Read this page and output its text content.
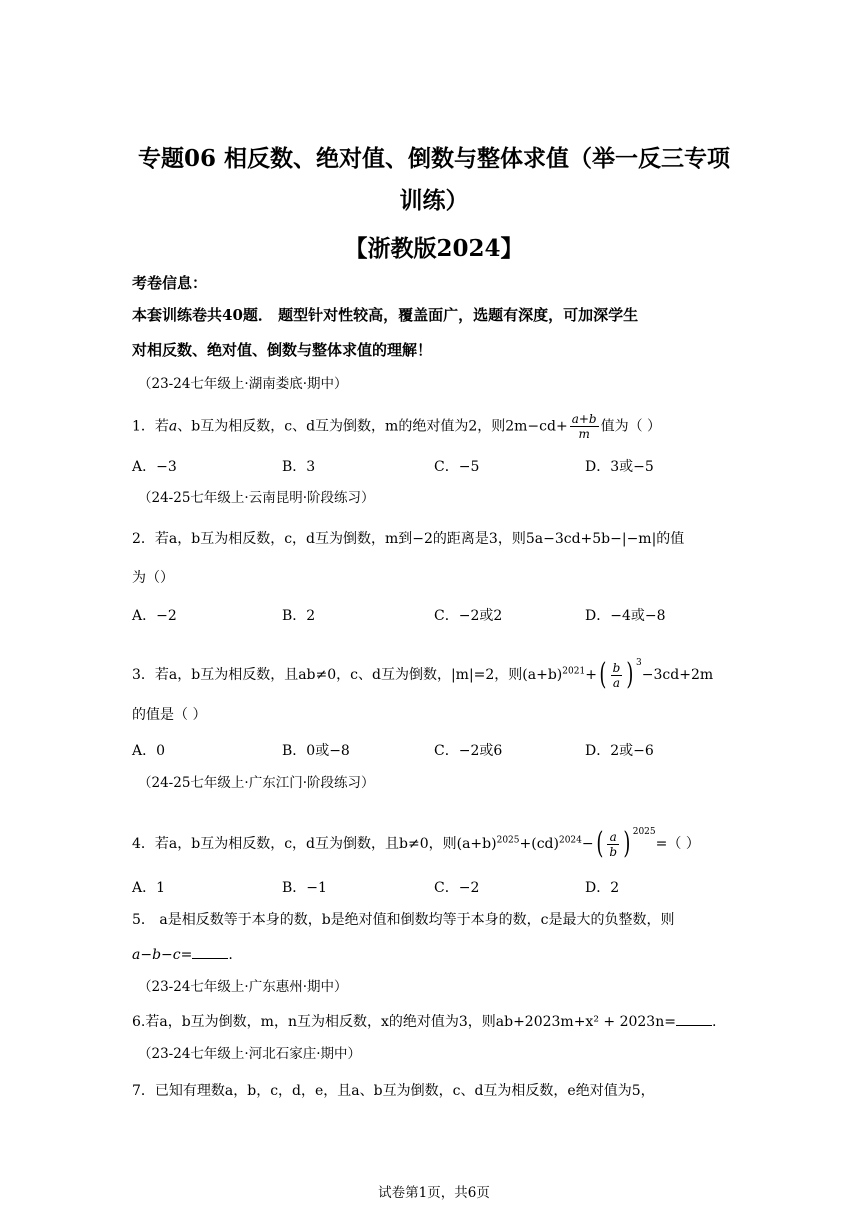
专题06 相反数、绝对值、倒数与整体求值（举一反三专项
训练）
【浙教版2024】
考卷信息：
本套训练卷共40题． 题型针对性较高，覆盖面广，选题有深度，可加深学生
对相反数、绝对值、倒数与整体求值的理解！
（23-24七年级上·湖南娄底·期中）
1．若a、b互为相反数，c、d互为倒数，m的绝对值为2，则$2m-cd+ \frac{a+b}{m}$ 值为（ ）
A．−3	B．3	C．−5	D．3或−5
（24-25七年级上·云南昆明·阶段练习）
2．若a，b互为相反数，c，d互为倒数，m到−2的距离是3，则5a−3cd+5b−|−m|的值
为（）
A．−2	B．2	C．−2或2	D．−4或−8
3．若a，b互为相反数，且ab≠0，c、d互为倒数，|m|=2，则$(a+b)^{2021}+( \frac{b}{a}$ ) $^3$−3cd+2m
的值是（ ）
A．0	B．0或−8	C．−2或6	D．2或−6
（24-25七年级上·广东江门·阶段练习）
4．若a，b互为相反数，c，d互为倒数，且b≠0，则$(a+b)^{2025}+(cd)^{2024}-( \frac{a}{b}$ ) $^{2025}$=（ ）
A．1	B．−1	C．−2	D．2
5． a是相反数等于本身的数，b是绝对值和倒数均等于本身的数，c是最大的负整数，则
a−b−c=	.
（23-24七年级上·广东惠州·期中）
6.若a，b互为倒数，m，n互为相反数，x的绝对值为3，则ab+2023m+x² + 2023n=	.
（23-24七年级上·河北石家庄·期中）
7．已知有理数a，b，c，d，e，且a、b互为倒数，c、d互为相反数，e绝对值为5，
试卷第1页，共6页
